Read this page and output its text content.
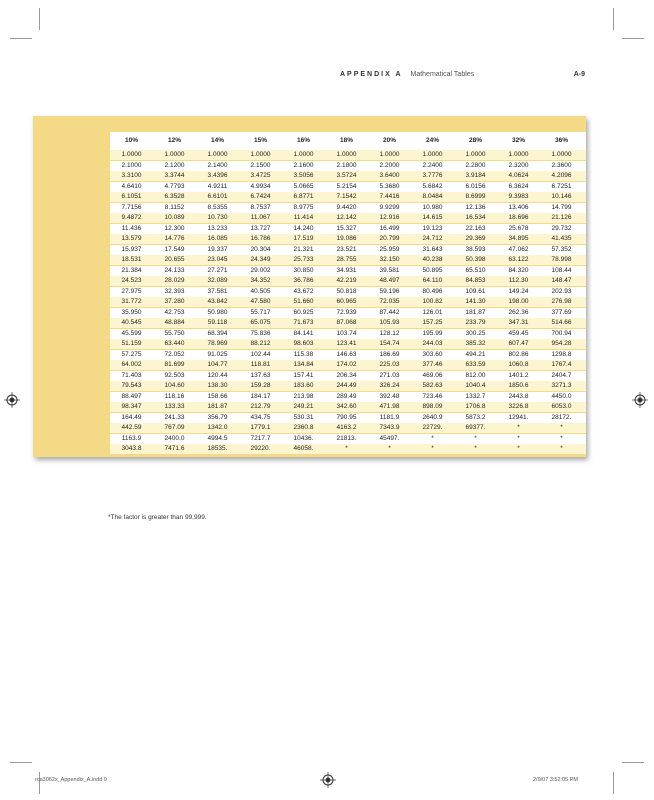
APPENDIX A Mathematical Tables	A-9
10%	12%	14%	15%	16%	18%	20%	24%	28%	32%	36%
1.0000	1.0000	1.0000	1.0000	1.0000	1.0000	1.0000	1.0000	1.0000	1.0000	1.0000
2.1000	2.1200	2.1400	2.1500	2.1600	2.1800	2.2000	2.2400	2.2800	2.3200	2.3600
3.3100	3.3744	3.4396	3.4725	3.5056	3.5724	3.6400	3.7776	3.9184	4.0624	4.2096
4.6410	4.7793	4.9211	4.9934	5.0665	5.2154	5.3680	5.6842	6.0156	6.3624	6.7251
6.1051	6.3528	6.6101	6.7424	6.8771	7.1542	7.4416	8.0484	8.6999	9.3983	10.146
7.7156	8.1152	8.5355	8.7537	8.9775	9.4420	9.9299	10.980	12.136	13.406	14.799
9.4872	10.089	10.730	11.067	11.414	12.142	12.916	14.615	16.534	18.696	21.126
11.436	12.300	13.233	13.727	14.240	15.327	16.499	19.123	22.163	25.678	29.732
13.579	14.776	16.085	16.786	17.519	19.086	20.799	24.712	29.369	34.895	41.435
15.937	17.549	19.337	20.304	21.321	23.521	25.959	31.643	38.593	47.062	57.352
18.531	20.655	23.045	24.349	25.733	28.755	32.150	40.238	50.398	63.122	78.998
21.384	24.133	27.271	29.002	30.850	34.931	39.581	50.895	65.510	84.320	108.44
24.523	28.029	32.089	34.352	36.786	42.219	48.497	64.110	84.853	112.30	148.47
27.975	32.393	37.581	40.505	43.672	50.818	59.196	80.496	109.61	149.24	202.93
31.772	37.280	43.842	47.580	51.660	60.965	72.035	100.82	141.30	198.00	276.98
35.950	42.753	50.980	55.717	60.925	72.939	87.442	126.01	181.87	262.36	377.69
40.545	48.884	59.118	65.075	71.673	87.068	105.93	157.25	233.79	347.31	514.66
45.599	55.750	68.394	75.836	84.141	103.74	128.12	195.99	300.25	459.45	700.94
51.159	63.440	78.969	88.212	98.603	123.41	154.74	244.03	385.32	607.47	954.28
57.275	72.052	91.025	102.44	115.38	146.63	186.69	303.60	494.21	802.86	1298.8
64.002	81.699	104.77	118.81	134.84	174.02	225.03	377.46	633.59	1060.8	1767.4
71.403	92.503	120.44	137.63	157.41	206.34	271.03	469.06	812.00	1401.2	2404.7
79.543	104.60	138.30	159.28	183.60	244.49	326.24	582.63	1040.4	1850.6	3271.3
88.497	118.16	158.66	184.17	213.98	289.49	392.48	723.46	1332.7	2443.8	4450.0
98.347	133.33	181.87	212.79	249.21	342.60	471.98	898.09	1706.8	3226.8	6053.0
164.49	241.33	356.79	434.75	530.31	790.95	1181.9	2640.9	5873.2	12941.	28172.
442.59	767.09	1342.0	1779.1	2360.8	4163.2	7343.9	22729.	69377.	*	*
1163.9	2400.0	4994.5	7217.7	10436.	21813.	45497.	*	*	*	*
3043.8	7471.6	18535.	29220.	46058.	*	*	*	*	*	*
*The factor is greater than 99,999.
rca3062x_Appendix_A.indd 9	2/9/07 3:52:05 PM
